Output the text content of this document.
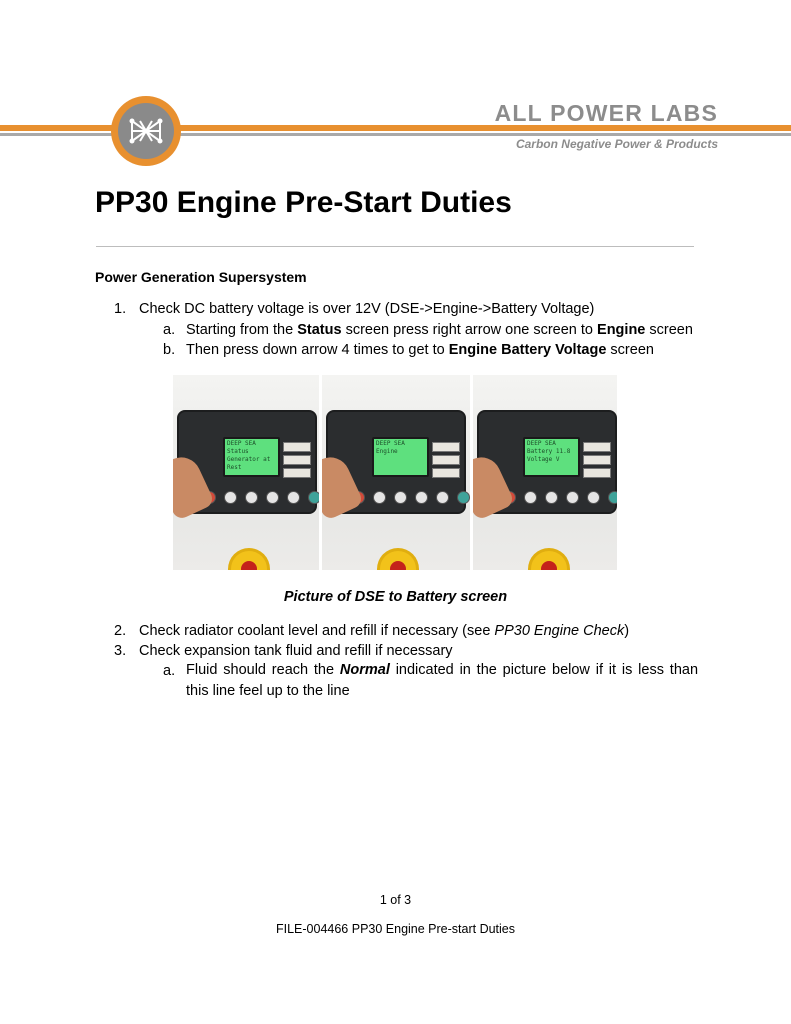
ALL POWER LABS
Carbon Negative Power & Products
PP30 Engine Pre-Start Duties
Power Generation Supersystem
1. Check DC battery voltage is over 12V (DSE->Engine->Battery Voltage)
a. Starting from the Status screen press right arrow one screen to Engine screen
b. Then press down arrow 4 times to get to Engine Battery Voltage screen
DEEP SEA
Status
Generator at Rest
DEEP SEA
Engine
DEEP SEA
Battery 11.8
Voltage V
Picture of DSE to Battery screen
2. Check radiator coolant level and refill if necessary (see PP30 Engine Check)
3. Check expansion tank fluid and refill if necessary
a. Fluid should reach the Normal indicated in the picture below if it is less than this line feel up to the line
1 of 3
FILE-004466 PP30 Engine Pre-start Duties
